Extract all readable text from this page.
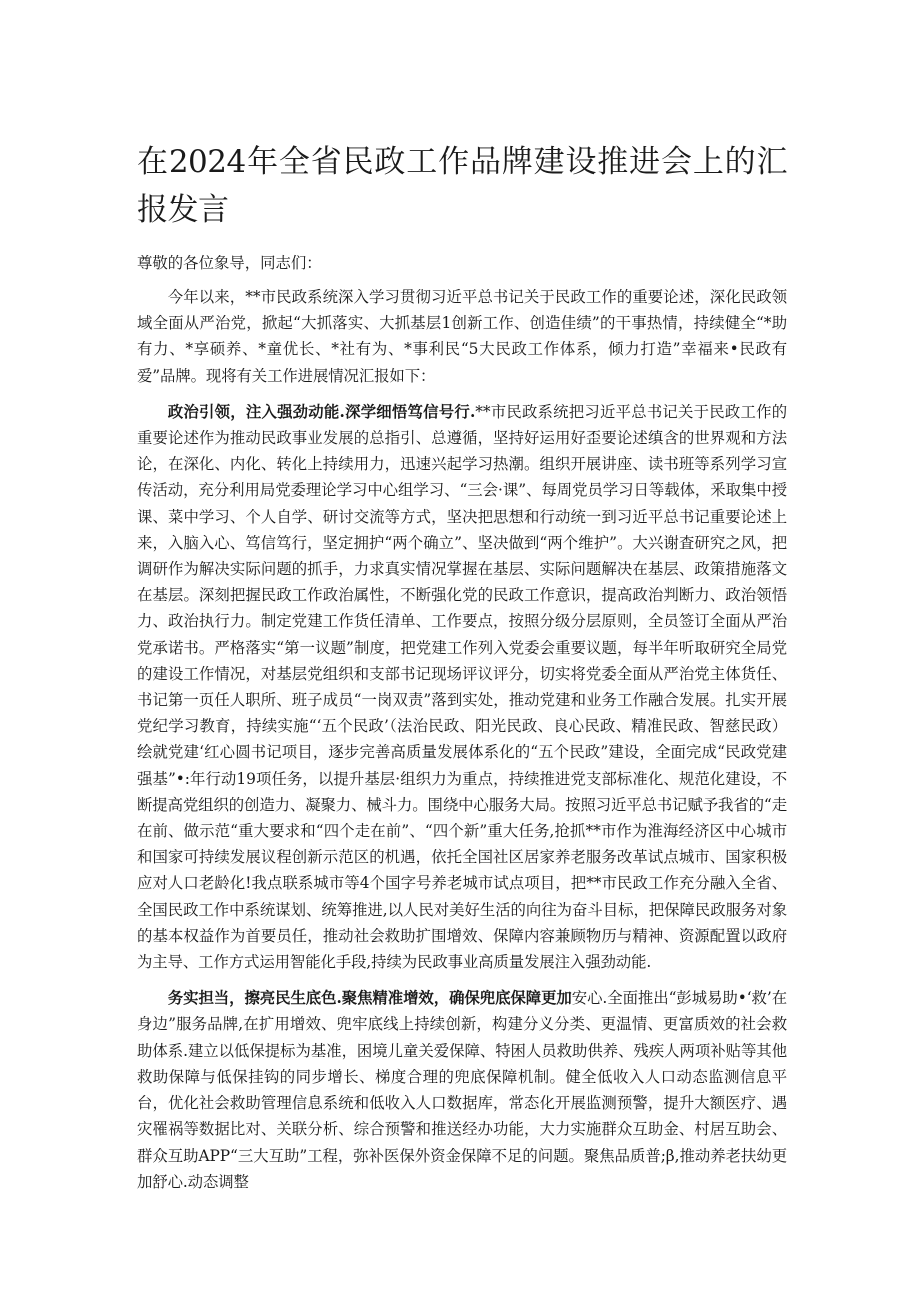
在2024年全省民政工作品牌建设推进会上的汇报发言

尊敬的各位象导，同志们：

今年以来，**市民政系统深入学习贯彻习近平总书记关于民政工作的重要论述，深化民政领域全面从严治党，掀起“大抓落实、大抓基层1创新工作、创造佳绩”的干事热情，持续健全“*助有力、*享硕养、*童优长、*社有为、*事利民“5大民政工作体系，倾力打造”幸福来•民政有爱”品牌。现将有关工作进展情况汇报如下：

政治引领，注入强劲动能.深学细悟笃信号行.**市民政系统把习近平总书记关于民政工作的重要论述作为推动民政事业发展的总指引、总遵循，坚持好运用好歪要论述缜含的世界观和方法论，在深化、内化、转化上持续用力，迅速兴起学习热潮。组织开展讲座、读书班等系列学习宣传活动，充分利用局党委理论学习中心组学习、“三会·课”、每周党员学习日等载体，釆取集中授课、菜中学习、个人自学、研讨交流等方式，坚决把思想和行动统一到习近平总书记重要论述上来，入脑入心、笃信笃行，坚定拥护“两个确立”、坚决做到“两个维护”。大兴谢査研究之风，把调研作为解决实际问题的抓手，力求真实情况掌握在基层、实际问题解决在基层、政策措施落文在基层。深刻把握民政工作政治属性，不断强化党的民政工作意识，提高政治判断力、政治领悟力、政治执行力。制定党建工作货任清单、工作要点，按照分级分层原则，全员签订全面从严治党承诺书。严格落实“第一议题”制度，把党建工作列入党委会重要议题，每半年听取研究全局党的建设工作情况，对基层党组织和支部书记现场评议评分，切实将党委全面从严治党主体货任、书记第一页任人职所、班子成员“一岗双责”落到实处，推动党建和业务工作融合发展。扎实开展党纪学习教育，持续实施“‘五个民政’（法治民政、阳光民政、良心民政、精准民政、智慈民政）绘就党建‘红心圆书记项目，逐步完善高质量发展体系化的“五个民政”建设，全面完成“民政党建强基”•:年行动19项任务，以提升基层·组织力为重点，持续推进党支部标准化、规范化建设，不断提高党组织的创造力、凝聚力、械斗力。围绕中心服务大局。按照习近平总书记赋予我省的“走在前、做示范“重大要求和“四个走在前”、“四个新”重大任务,抢抓**市作为淮海经济区中心城市和国家可持续发展议程创新示范区的机遇，依托全国社区居家养老服务改革试点城市、国家积极应对人口老龄化!我点联系城市等4个国字号养老城市试点项目，把**市民政工作充分融入全省、全国民政工作中系统谋划、统筹推进,以人民对美好生活的向往为奋斗目标，把保障民政服务对象的基本权益作为首要员任，推动社会救助扩围增效、保障内容兼顾物历与精神、资源配置以政府为主导、工作方式运用智能化手段,持续为民政事业高质量发展注入强劲动能.

务实担当，擦亮民生底色.聚焦精准增效，确保兜底保障更加安心.全面推出“彭城易助•‘救’在身边”服务品牌,在扩用增效、兜牢底线上持续创新，构建分义分类、更温情、更富质效的社会救助体系.建立以低保提标为基准，困境儿童关爱保障、特困人员救助供养、残疾人两项补贴等其他救助保障与低保挂钩的同步增长、梯度合理的兜底保障机制。健全低收入人口动态监测信息平台，优化社会救助管理信息系统和低收入人口数据库，常态化开展监测预警，提升大额医疗、遇灾罹祸等数据比对、关联分析、综合预警和推送经办功能，大力实施群众互助金、村居互助会、群众互助APP“三大互助”工程，弥补医保外资金保障不足的问题。聚焦品质普;β,推动养老扶幼更加舒心.动态调整
